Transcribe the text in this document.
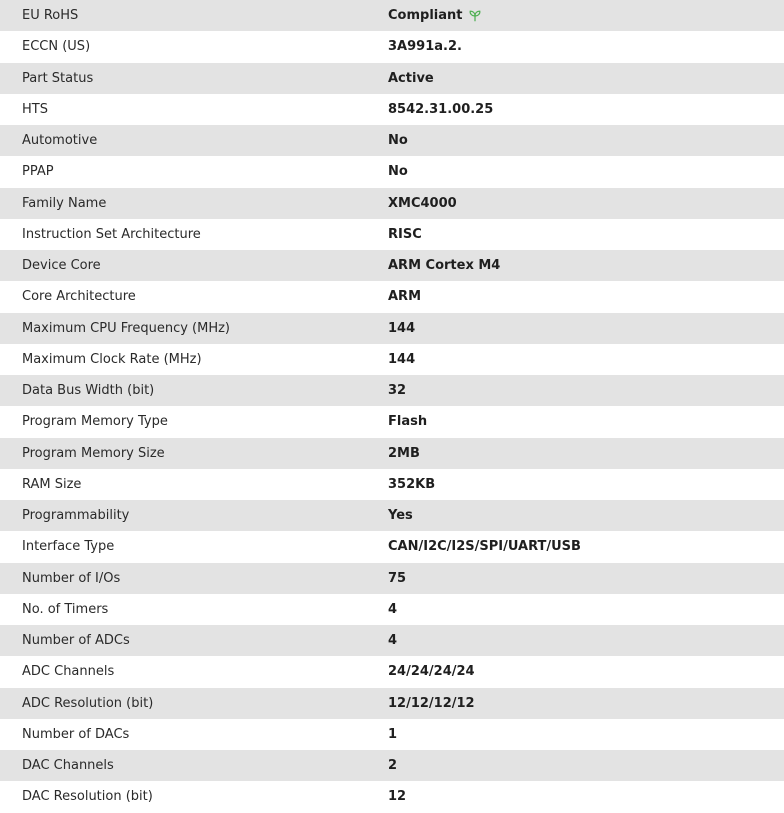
EU RoHS	Compliant
ECCN (US)	3A991a.2.
Part Status	Active
HTS	8542.31.00.25
Automotive	No
PPAP	No
Family Name	XMC4000
Instruction Set Architecture	RISC
Device Core	ARM Cortex M4
Core Architecture	ARM
Maximum CPU Frequency (MHz)	144
Maximum Clock Rate (MHz)	144
Data Bus Width (bit)	32
Program Memory Type	Flash
Program Memory Size	2MB
RAM Size	352KB
Programmability	Yes
Interface Type	CAN/I2C/I2S/SPI/UART/USB
Number of I/Os	75
No. of Timers	4
Number of ADCs	4
ADC Channels	24/24/24/24
ADC Resolution (bit)	12/12/12/12
Number of DACs	1
DAC Channels	2
DAC Resolution (bit)	12
